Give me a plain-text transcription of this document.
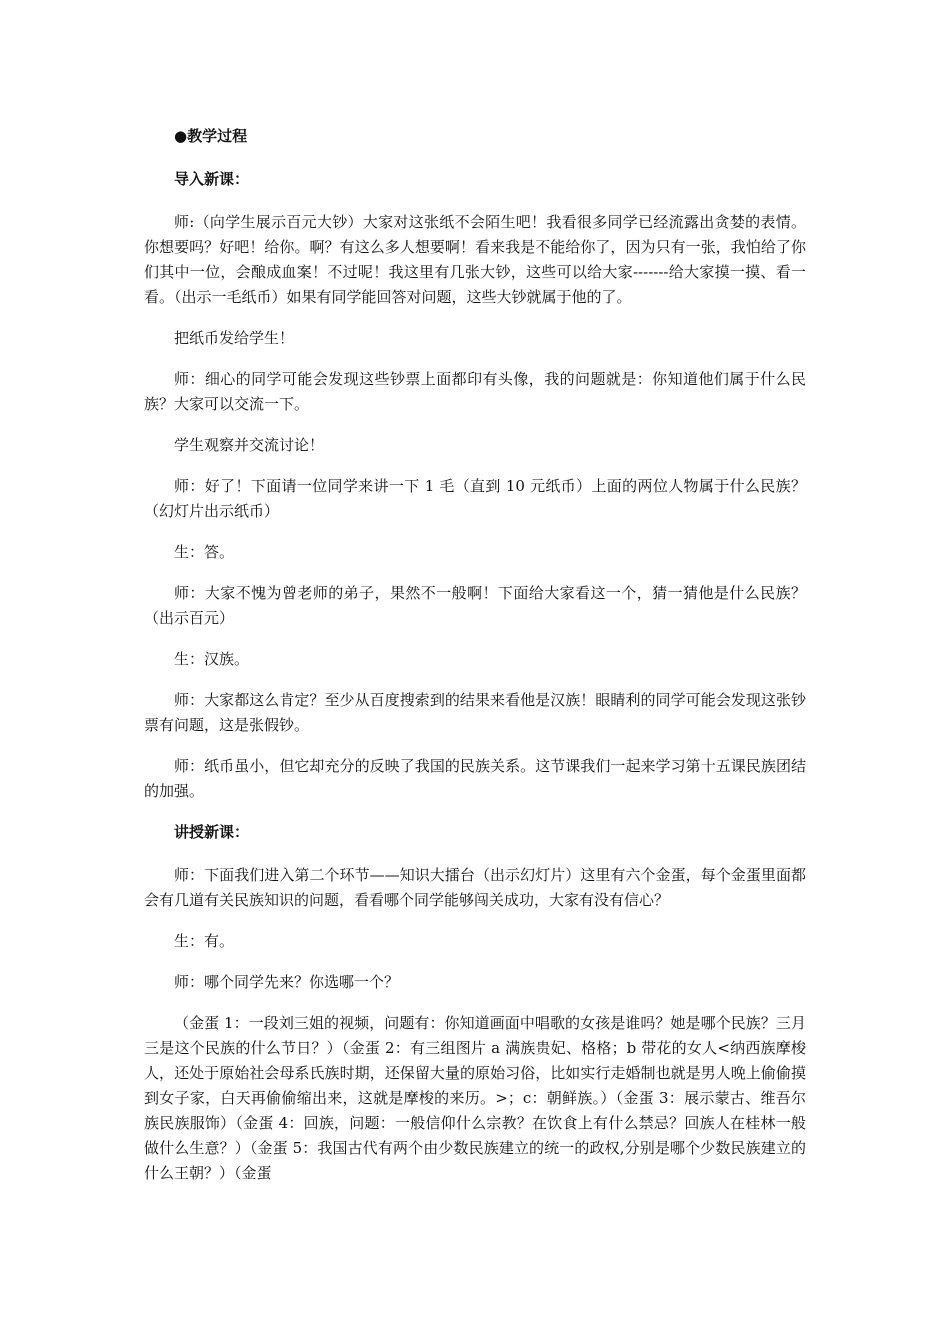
●教学过程
导入新课：

师:（向学生展示百元大钞）大家对这张纸不会陌生吧！我看很多同学已经流露出贪婪的表情。你想要吗？好吧！给你。啊？有这么多人想要啊！看来我是不能给你了，因为只有一张，我怕给了你们其中一位，会酿成血案！不过呢！我这里有几张大钞，这些可以给大家-------给大家摸一摸、看一看。（出示一毛纸币）如果有同学能回答对问题，这些大钞就属于他的了。

把纸币发给学生！

师：细心的同学可能会发现这些钞票上面都印有头像，我的问题就是：你知道他们属于什么民族？大家可以交流一下。

学生观察并交流讨论！

师：好了！下面请一位同学来讲一下 1 毛（直到 10 元纸币）上面的两位人物属于什么民族？（幻灯片出示纸币）

生：答。

师：大家不愧为曾老师的弟子，果然不一般啊！下面给大家看这一个，猜一猜他是什么民族？（出示百元）

生：汉族。

师：大家都这么肯定？至少从百度搜索到的结果来看他是汉族！眼睛利的同学可能会发现这张钞票有问题，这是张假钞。

师：纸币虽小，但它却充分的反映了我国的民族关系。这节课我们一起来学习第十五课民族团结的加强。

讲授新课：

师：下面我们进入第二个环节——知识大擂台（出示幻灯片）这里有六个金蛋，每个金蛋里面都会有几道有关民族知识的问题，看看哪个同学能够闯关成功，大家有没有信心？

生：有。

师：哪个同学先来？你选哪一个？

（金蛋 1：一段刘三姐的视频，问题有：你知道画面中唱歌的女孩是谁吗？她是哪个民族？三月三是这个民族的什么节日？）（金蛋 2：有三组图片 a 满族贵妃、格格；b 带花的女人<纳西族摩梭人，还处于原始社会母系氏族时期，还保留大量的原始习俗，比如实行走婚制也就是男人晚上偷偷摸到女子家，白天再偷偷缩出来，这就是摩梭的来历。>；c：朝鲜族。）（金蛋 3：展示蒙古、维吾尔族民族服饰）（金蛋 4：回族，问题：一般信仰什么宗教？在饮食上有什么禁忌？回族人在桂林一般做什么生意？）（金蛋 5：我国古代有两个由少数民族建立的统一的政权,分别是哪个少数民族建立的什么王朝？）（金蛋
